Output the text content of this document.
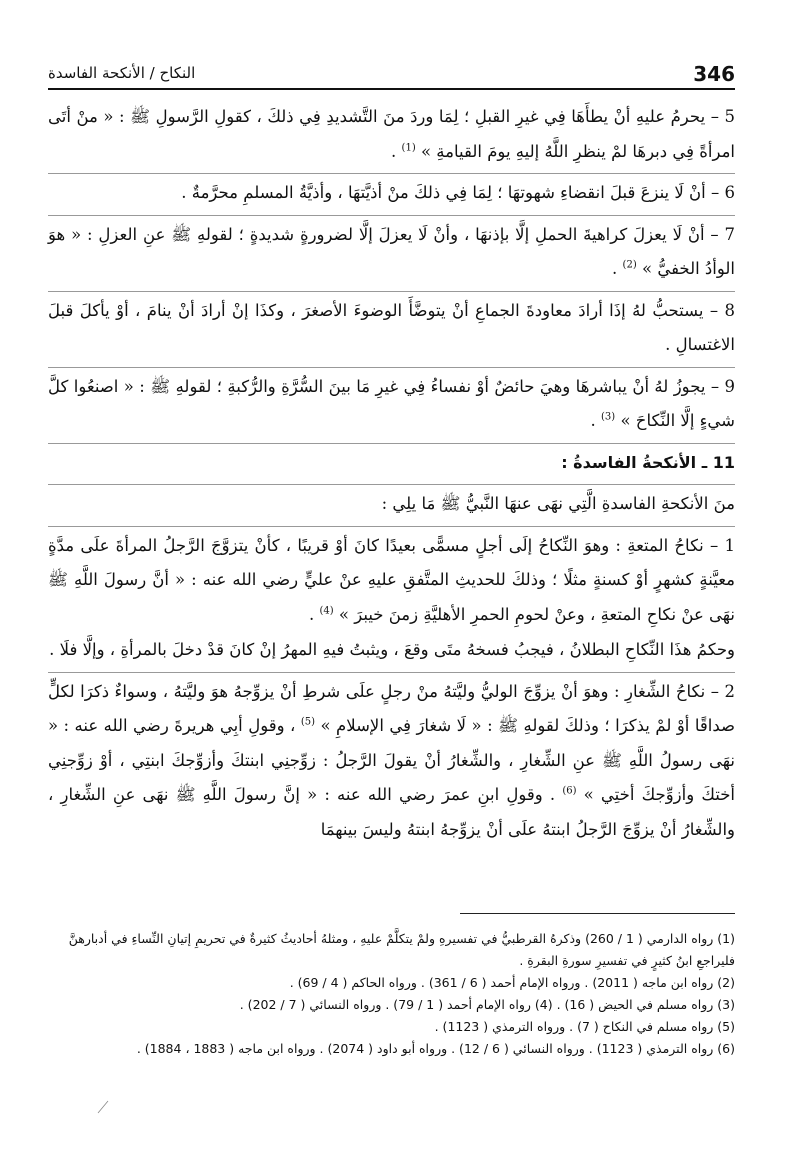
346
النكاح / الأنكحة الفاسدة

5 – يحرمُ عليهِ أنْ يطأَهَا فِي غيرِ القبلِ ؛ لِمَا وردَ منَ التَّشديدِ فِي ذلكَ ، كقولِ الرَّسولِ ﷺ : « منْ أتَى امرأةً فِي دبرهَا لمْ ينظرِ اللَّهُ إليهِ يومَ القيامةِ » $^{(1)}$ .

6 – أنْ لَا ينزعَ قبلَ انقضاءِ شهوتهَا ؛ لِمَا فِي ذلكَ منْ أذيَّتهَا ، وأذيَّةُ المسلمِ محرَّمةٌ .

7 – أنْ لَا يعزلَ كراهيةَ الحملِ إلَّا بإذنهَا ، وأنْ لَا يعزلَ إلَّا لضرورةٍ شديدةٍ ؛ لقولهِ ﷺ عنِ العزلِ : « هوَ الوأدُ الخفيُّ » $^{(2)}$ .

8 – يستحبُّ لهُ إذَا أرادَ معاودةَ الجماعِ أنْ يتوضَّأَ الوضوءَ الأصغرَ ، وكذَا إنْ أرادَ أنْ ينامَ ، أوْ يأكلَ قبلَ الاغتسالِ .

9 – يجوزُ لهُ أنْ يباشرهَا وهيَ حائضٌ أوْ نفساءُ فِي غيرِ مَا بينَ السُّرَّةِ والرُّكبةِ ؛ لقولهِ ﷺ : « اصنعُوا كلَّ شيءٍ إلَّا النِّكاحَ » $^{(3)}$ .

11 ـ الأنكحةُ الفاسدةُ :

منَ الأنكحةِ الفاسدةِ الَّتِي نهَى عنهَا النَّبيُّ ﷺ مَا يلِي :

1 – نكاحُ المتعةِ : وهوَ النِّكاحُ إلَى أجلٍ مسمًّى بعيدًا كانَ أوْ قريبًا ، كأنْ يتزوَّجَ الرَّجلُ المرأةَ علَى مدَّةٍ معيَّنةٍ كشهرٍ أوْ كسنةٍ مثلًا ؛ وذلكَ للحديثِ المتَّفقِ عليهِ عنْ عليٍّ رضي الله عنه : « أنَّ رسولَ اللَّهِ ﷺ نهَى عنْ نكاحِ المتعةِ ، وعنْ لحومِ الحمرِ الأهليَّةِ زمنَ خيبرَ » $^{(4)}$ .

وحكمُ هذَا النِّكاحِ البطلانُ ، فيجبُ فسخهُ متَى وقعَ ، ويثبتُ فيهِ المهرُ إنْ كانَ قدْ دخلَ بالمرأةِ ، وإلَّا فلَا .

2 – نكاحُ الشِّغارِ : وهوَ أنْ يزوِّجَ الوليُّ وليَّتهُ منْ رجلٍ علَى شرطِ أنْ يزوِّجهُ هوَ وليَّتهُ ، وسواءٌ ذكرَا لكلٍّ صداقًا أوْ لمْ يذكرَا ؛ وذلكَ لقولهِ ﷺ : « لَا شغارَ فِي الإسلامِ » $^{(5)}$ ، وقولِ أبِي هريرةَ رضي الله عنه : « نهَى رسولُ اللَّهِ ﷺ عنِ الشِّغارِ ، والشِّغارُ أنْ يقولَ الرَّجلُ : زوِّجنِي ابنتكَ وأزوِّجكَ ابنتِي ، أوْ زوِّجنِي أختكَ وأزوِّجكَ أختِي » $^{(6)}$ . وقولِ ابنِ عمرَ رضي الله عنه : « إنَّ رسولَ اللَّهِ ﷺ نهَى عنِ الشِّغارِ ، والشِّغارُ أنْ يزوِّجَ الرَّجلُ ابنتهُ علَى أنْ يزوِّجهُ ابنتهُ وليسَ بينهمَا

(1) رواه الدارمي ( 1 / 260) وذكرهُ القرطبيُّ في تفسيرهِ ولمْ يتكلَّمْ عليهِ ، ومثلهُ أحاديثُ كثيرةٌ في تحريمِ إتيانِ النِّساءِ في أدبارهنَّ فليراجعِ ابنُ كثيرٍ في تفسيرِ سورةِ البقرةِ .

(2) رواه ابن ماجه ( 2011) . ورواه الإمام أحمد ( 6 / 361) . ورواه الحاكم ( 4 / 69) .

(3) رواه مسلم في الحيض ( 16) . (4) رواه الإمام أحمد ( 1 / 79) . ورواه النسائي ( 7 / 202) .

(5) رواه مسلم في النكاح ( 7) . ورواه الترمذي ( 1123) .

(6) رواه الترمذي ( 1123) . ورواه النسائي ( 6 / 12) . ورواه أبو داود ( 2074) . ورواه ابن ماجه ( 1883 ، 1884) .
